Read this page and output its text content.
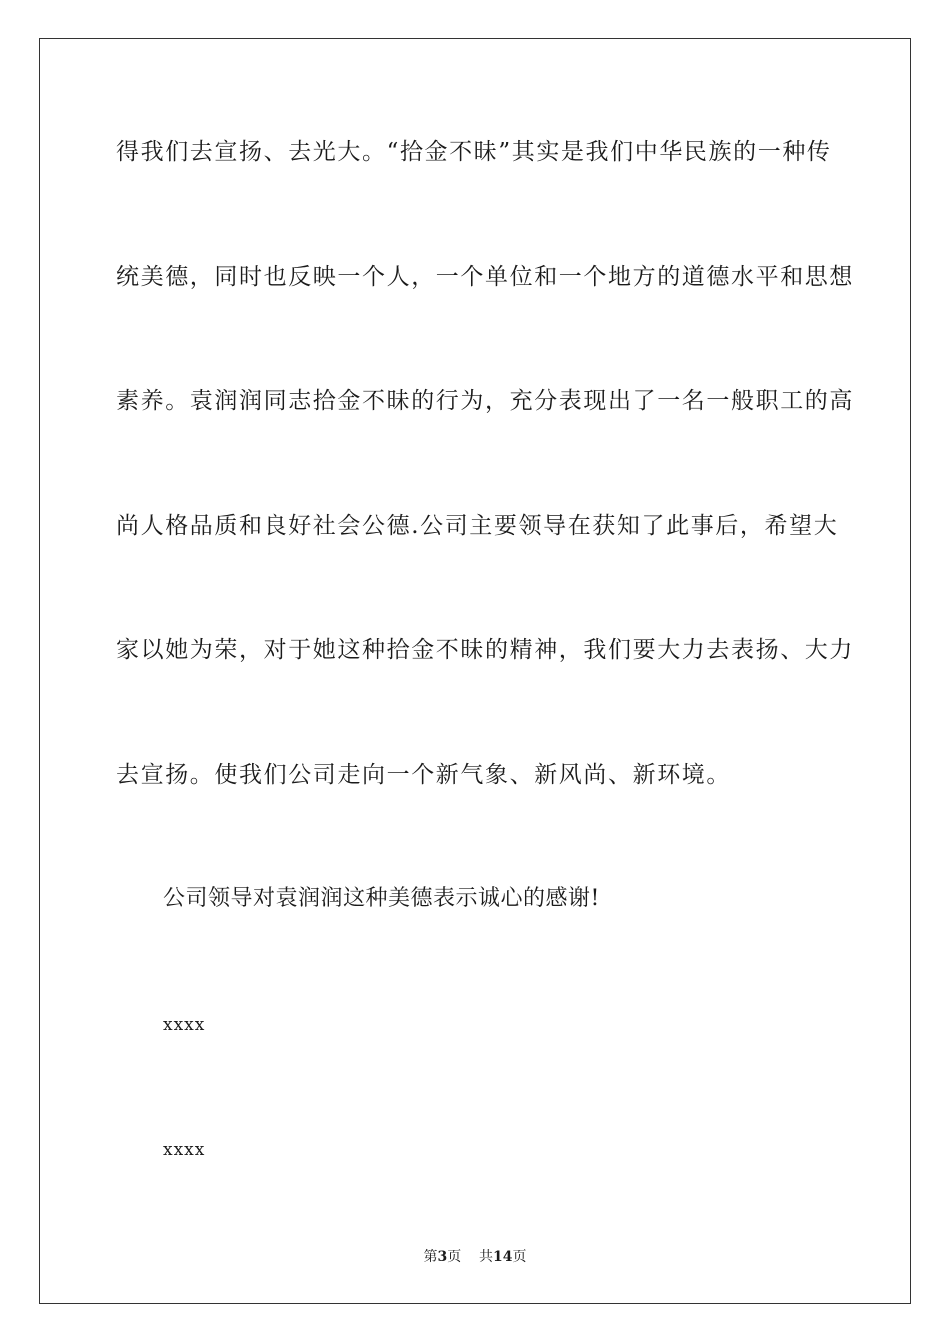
得我们去宣扬、去光大。“拾金不昧”其实是我们中华民族的一种传
统美德，同时也反映一个人，一个单位和一个地方的道德水平和思想
素养。袁润润同志拾金不昧的行为，充分表现出了一名一般职工的高
尚人格品质和良好社会公德.公司主要领导在获知了此事后，希望大
家以她为荣，对于她这种拾金不昧的精神，我们要大力去表扬、大力
去宣扬。使我们公司走向一个新气象、新风尚、新环境。
公司领导对袁润润这种美德表示诚心的感谢!
xxxx
xxxx
第3页 共14页
